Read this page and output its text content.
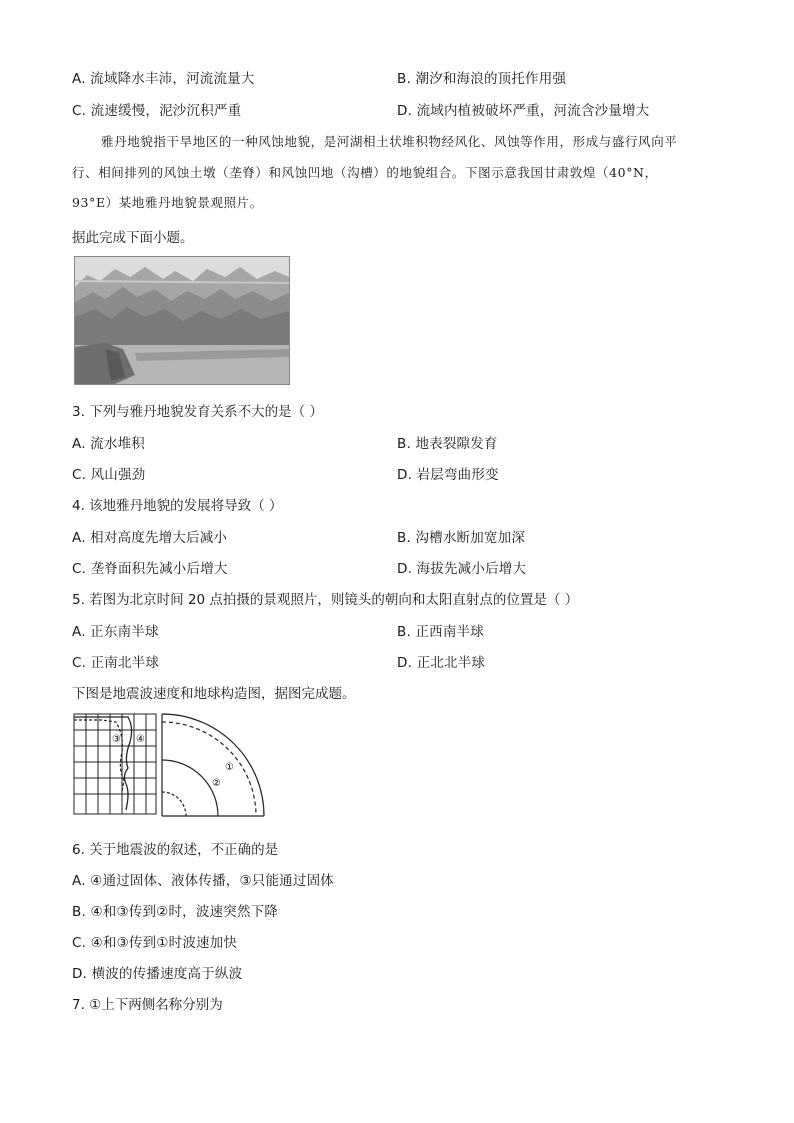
A. 流域降水丰沛，河流流量大	B. 潮汐和海浪的顶托作用强
C. 流速缓慢，泥沙沉积严重	D. 流域内植被破坏严重，河流含沙量增大
雅丹地貌指干旱地区的一种风蚀地貌，是河湖相土状堆积物经风化、风蚀等作用，形成与盛行风向平
行、相间排列的风蚀土墩（垄脊）和风蚀凹地（沟槽）的地貌组合。下图示意我国甘肃敦煌（40°N，
93°E）某地雅丹地貌景观照片。
据此完成下面小题。
3. 下列与雅丹地貌发育关系不大的是（ ）
A. 流水堆积	B. 地表裂隙发育
C. 风山强劲	D. 岩层弯曲形变
4. 该地雅丹地貌的发展将导致（ ）
A. 相对高度先增大后减小	B. 沟槽水断加宽加深
C. 垄脊面积先减小后增大	D. 海拔先减小后增大
5. 若图为北京时间 20 点拍摄的景观照片，则镜头的朝向和太阳直射点的位置是（ ）
A. 正东南半球	B. 正西南半球
C. 正南北半球	D. 正北北半球
下图是地震波速度和地球构造图，据图完成题。
④
③
①
②
6. 关于地震波的叙述，不正确的是
A. ④通过固体、液体传播，③只能通过固体
B. ④和③传到②时，波速突然下降
C. ④和③传到①时波速加快
D. 横波的传播速度高于纵波
7. ①上下两侧名称分别为
